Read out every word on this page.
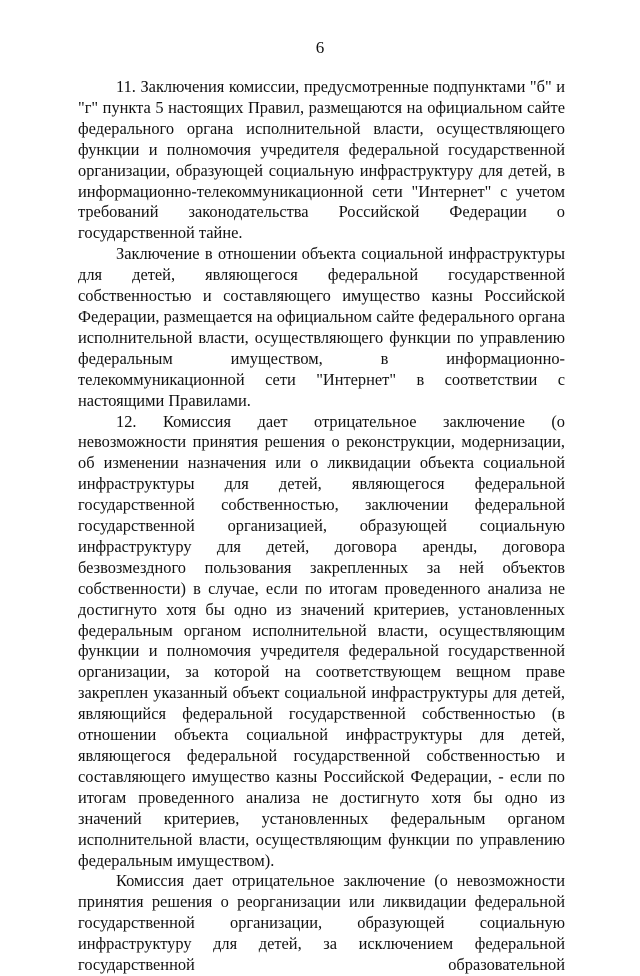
6

11. Заключения комиссии, предусмотренные подпунктами "б" и "г" пункта 5 настоящих Правил, размещаются на официальном сайте федерального органа исполнительной власти, осуществляющего функции и полномочия учредителя федеральной государственной организации, образующей социальную инфраструктуру для детей, в информационно-телекоммуникационной сети "Интернет" с учетом требований законодательства Российской Федерации о государственной тайне.

Заключение в отношении объекта социальной инфраструктуры для детей, являющегося федеральной государственной собственностью и составляющего имущество казны Российской Федерации, размещается на официальном сайте федерального органа исполнительной власти, осуществляющего функции по управлению федеральным имуществом, в информационно-телекоммуникационной сети "Интернет" в соответствии с настоящими Правилами.

12. Комиссия дает отрицательное заключение (о невозможности принятия решения о реконструкции, модернизации, об изменении назначения или о ликвидации объекта социальной инфраструктуры для детей, являющегося федеральной государственной собственностью, заключении федеральной государственной организацией, образующей социальную инфраструктуру для детей, договора аренды, договора безвозмездного пользования закрепленных за ней объектов собственности) в случае, если по итогам проведенного анализа не достигнуто хотя бы одно из значений критериев, установленных федеральным органом исполнительной власти, осуществляющим функции и полномочия учредителя федеральной государственной организации, за которой на соответствующем вещном праве закреплен указанный объект социальной инфраструктуры для детей, являющийся федеральной государственной собственностью (в отношении объекта социальной инфраструктуры для детей, являющегося федеральной государственной собственностью и составляющего имущество казны Российской Федерации, - если по итогам проведенного анализа не достигнуто хотя бы одно из значений критериев, установленных федеральным органом исполнительной власти, осуществляющим функции по управлению федеральным имуществом).

Комиссия дает отрицательное заключение (о невозможности принятия решения о реорганизации или ликвидации федеральной государственной организации, образующей социальную инфраструктуру для детей, за исключением федеральной государственной образовательной
